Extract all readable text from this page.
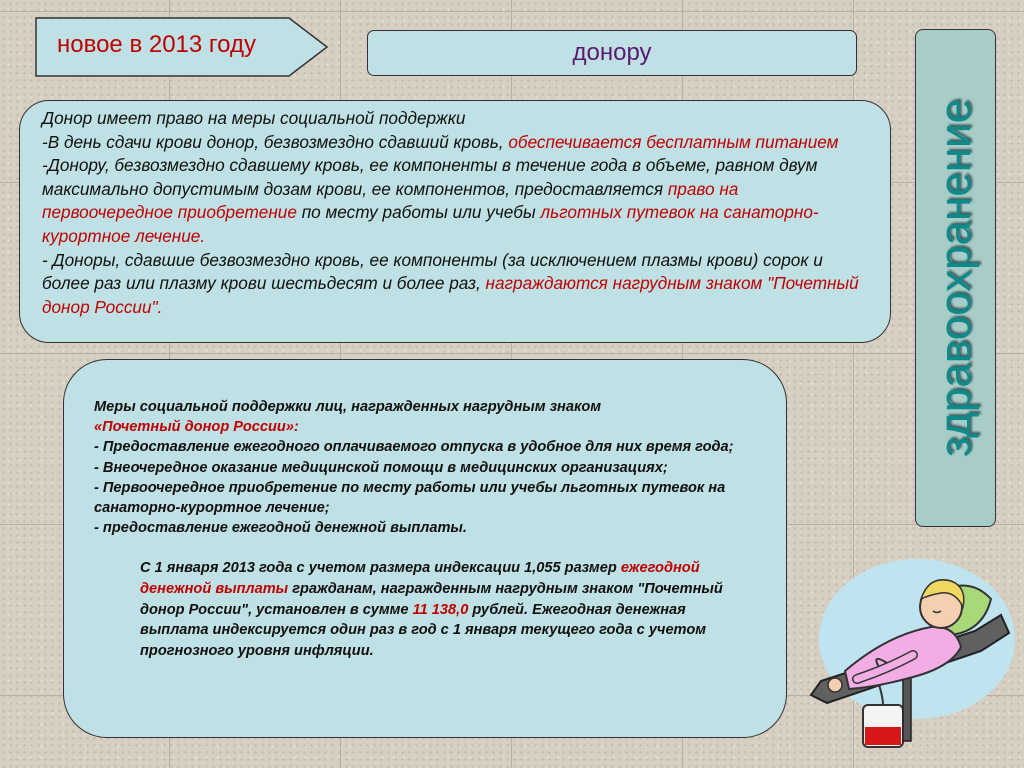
новое в 2013 году	донору
здравоохранение

Донор имеет право на меры социальной поддержки

-В день сдачи крови донор, безвозмездно сдавший кровь, обеспечивается бесплатным питанием

-Донору, безвозмездно сдавшему кровь, ее компоненты в течение года в объеме, равном двум максимально допустимым дозам крови, ее компонентов, предоставляется право на первоочередное приобретение по месту работы или учебы льготных путевок на санаторно-курортное лечение.

- Доноры, сдавшие безвозмездно кровь, ее компоненты (за исключением плазмы крови) сорок и более раз или плазму крови шестьдесят и более раз, награждаются нагрудным знаком "Почетный донор России".

Меры социальной поддержки лиц, награжденных нагрудным знаком

«Почетный донор России»:

- Предоставление ежегодного оплачиваемого отпуска в удобное для них время года;

- Внеочередное оказание медицинской помощи в медицинских организациях;

- Первоочередное приобретение по месту работы или учебы льготных путевок на санаторно-курортное лечение;

- предоставление ежегодной денежной выплаты.

С 1 января 2013 года с учетом размера индексации 1,055 размер ежегодной денежной выплаты гражданам, награжденным нагрудным знаком "Почетный донор России", установлен в сумме 11 138,0 рублей. Ежегодная денежная выплата индексируется один раз в год с 1 января текущего года с учетом прогнозного уровня инфляции.
